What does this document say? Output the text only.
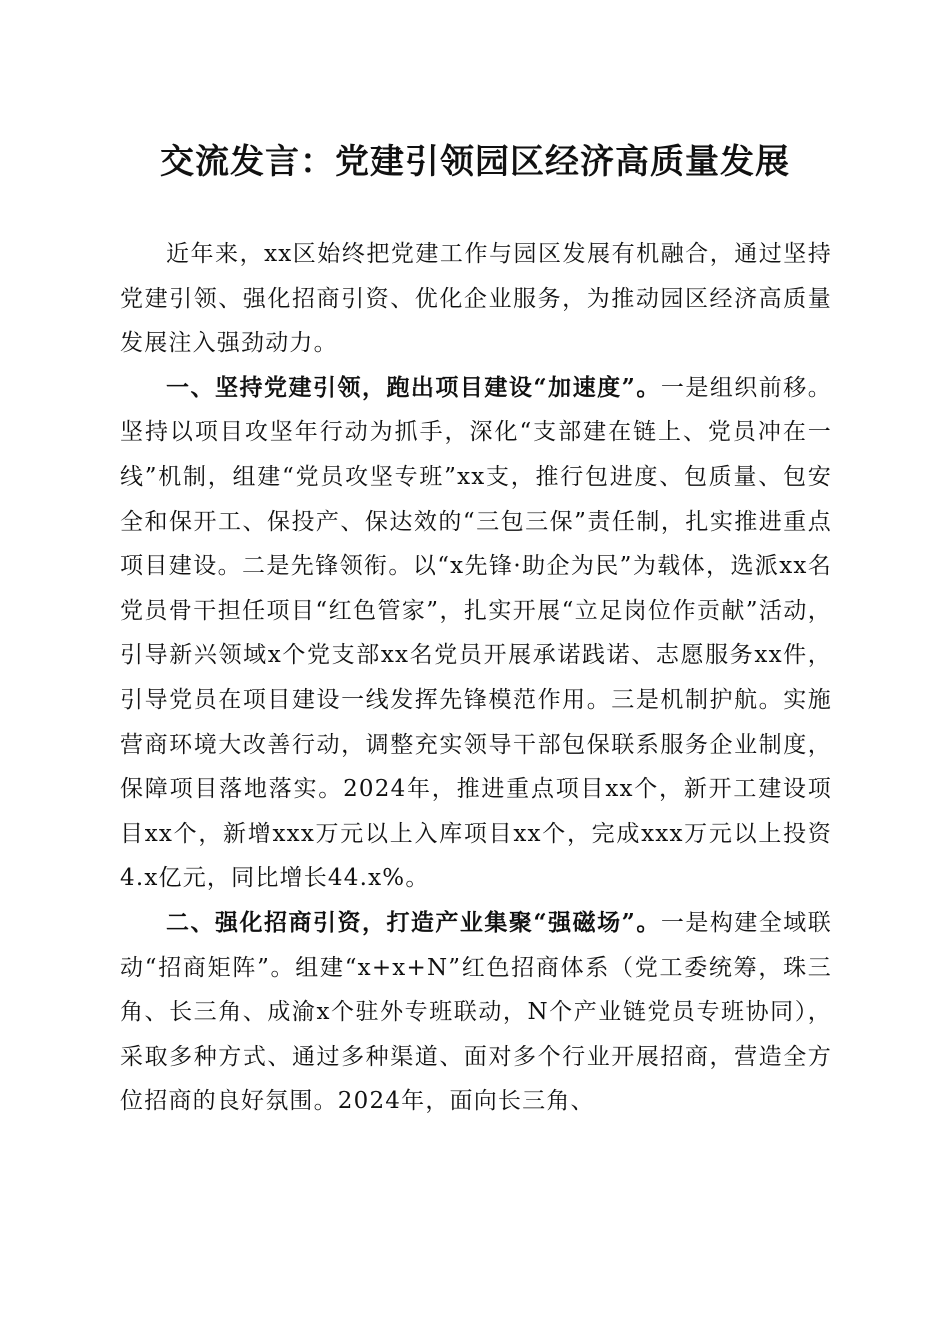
交流发言：党建引领园区经济高质量发展

近年来，xx区始终把党建工作与园区发展有机融合，通过坚持党建引领、强化招商引资、优化企业服务，为推动园区经济高质量发展注入强劲动力。

一、坚持党建引领，跑出项目建设“加速度”。一是组织前移。坚持以项目攻坚年行动为抓手，深化“支部建在链上、党员冲在一线”机制，组建“党员攻坚专班”xx支，推行包进度、包质量、包安全和保开工、保投产、保达效的“三包三保”责任制，扎实推进重点项目建设。二是先锋领衔。以“x先锋·助企为民”为载体，选派xx名党员骨干担任项目“红色管家”，扎实开展“立足岗位作贡献”活动，引导新兴领域x个党支部xx名党员开展承诺践诺、志愿服务xx件，引导党员在项目建设一线发挥先锋模范作用。三是机制护航。实施营商环境大改善行动，调整充实领导干部包保联系服务企业制度，保障项目落地落实。2024年，推进重点项目xx个，新开工建设项目xx个，新增xxx万元以上入库项目xx个，完成xxx万元以上投资4.x亿元，同比增长44.x%。

二、强化招商引资，打造产业集聚“强磁场”。一是构建全域联动“招商矩阵”。组建“x+x+N”红色招商体系（党工委统筹，珠三角、长三角、成渝x个驻外专班联动，N个产业链党员专班协同），采取多种方式、通过多种渠道、面对多个行业开展招商，营造全方位招商的良好氛围。2024年，面向长三角、
